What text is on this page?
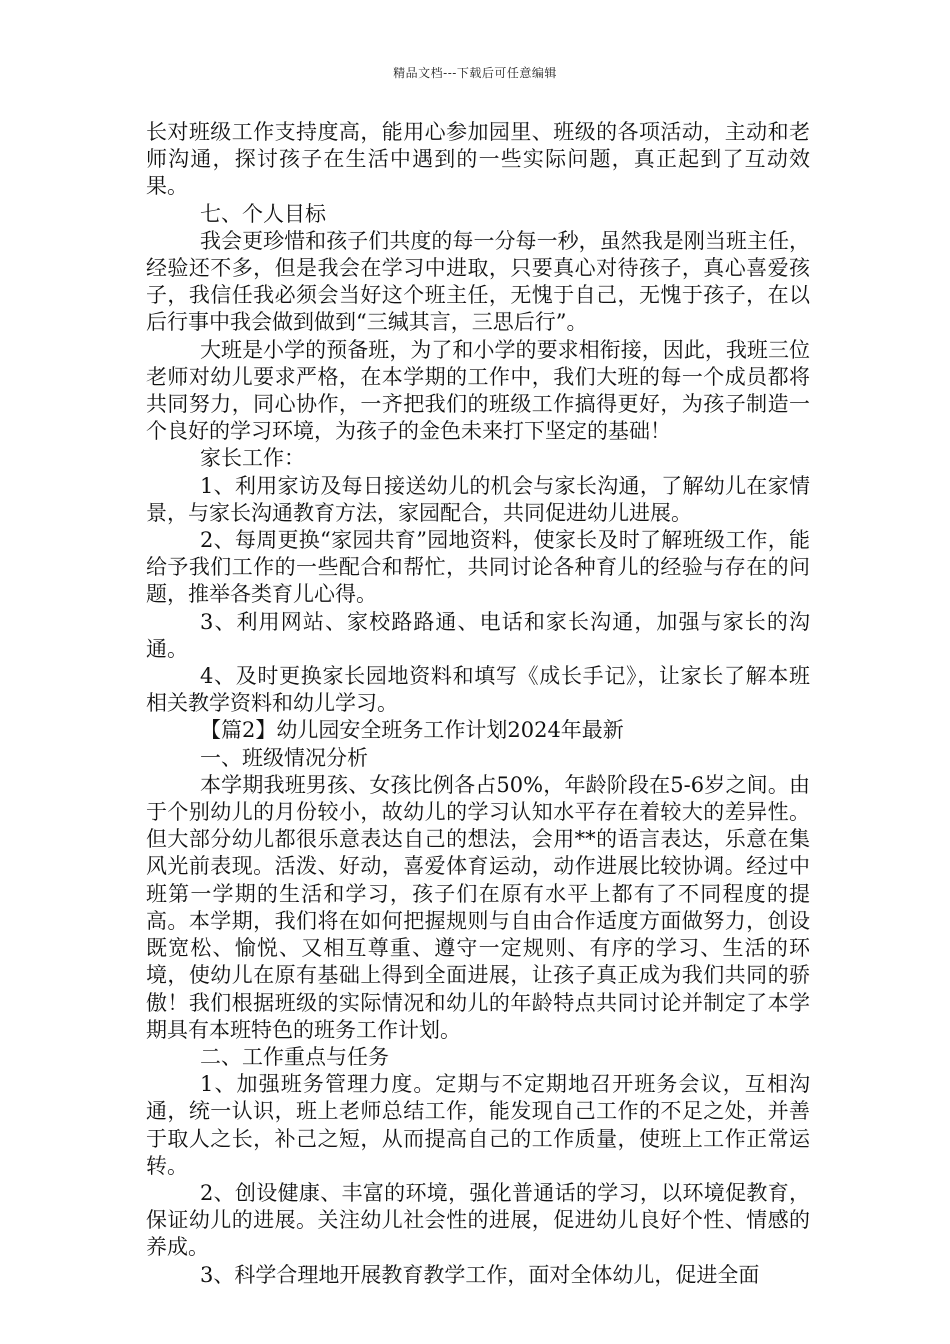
精品文档---下载后可任意编辑

长对班级工作支持度高，能用心参加园里、班级的各项活动，主动和老师沟通，探讨孩子在生活中遇到的一些实际问题，真正起到了互动效果。

七、个人目标

我会更珍惜和孩子们共度的每一分每一秒，虽然我是刚当班主任，经验还不多，但是我会在学习中进取，只要真心对待孩子，真心喜爱孩子，我信任我必须会当好这个班主任，无愧于自己，无愧于孩子，在以后行事中我会做到做到“三缄其言，三思后行”。

大班是小学的预备班，为了和小学的要求相衔接，因此，我班三位老师对幼儿要求严格，在本学期的工作中，我们大班的每一个成员都将共同努力，同心协作，一齐把我们的班级工作搞得更好，为孩子制造一个良好的学习环境，为孩子的金色未来打下坚定的基础！

家长工作：

1、利用家访及每日接送幼儿的机会与家长沟通，了解幼儿在家情景，与家长沟通教育方法，家园配合，共同促进幼儿进展。

2、每周更换“家园共育”园地资料，使家长及时了解班级工作，能给予我们工作的一些配合和帮忙，共同讨论各种育儿的经验与存在的问题，推举各类育儿心得。

3、利用网站、家校路路通、电话和家长沟通，加强与家长的沟通。

4、及时更换家长园地资料和填写《成长手记》，让家长了解本班相关教学资料和幼儿学习。

【篇2】幼儿园安全班务工作计划2024年最新

一、班级情况分析

本学期我班男孩、女孩比例各占50%，年龄阶段在5-6岁之间。由于个别幼儿的月份较小，故幼儿的学习认知水平存在着较大的差异性。但大部分幼儿都很乐意表达自己的想法，会用**的语言表达，乐意在集风光前表现。活泼、好动，喜爱体育运动，动作进展比较协调。经过中班第一学期的生活和学习，孩子们在原有水平上都有了不同程度的提高。本学期，我们将在如何把握规则与自由合作适度方面做努力，创设既宽松、愉悦、又相互尊重、遵守一定规则、有序的学习、生活的环境，使幼儿在原有基础上得到全面进展，让孩子真正成为我们共同的骄傲！我们根据班级的实际情况和幼儿的年龄特点共同讨论并制定了本学期具有本班特色的班务工作计划。

二、工作重点与任务

1、加强班务管理力度。定期与不定期地召开班务会议，互相沟通，统一认识，班上老师总结工作，能发现自己工作的不足之处，并善于取人之长，补己之短，从而提高自己的工作质量，使班上工作正常运转。

2、创设健康、丰富的环境，强化普通话的学习，以环境促教育，保证幼儿的进展。关注幼儿社会性的进展，促进幼儿良好个性、情感的养成。

3、科学合理地开展教育教学工作，面对全体幼儿，促进全面
